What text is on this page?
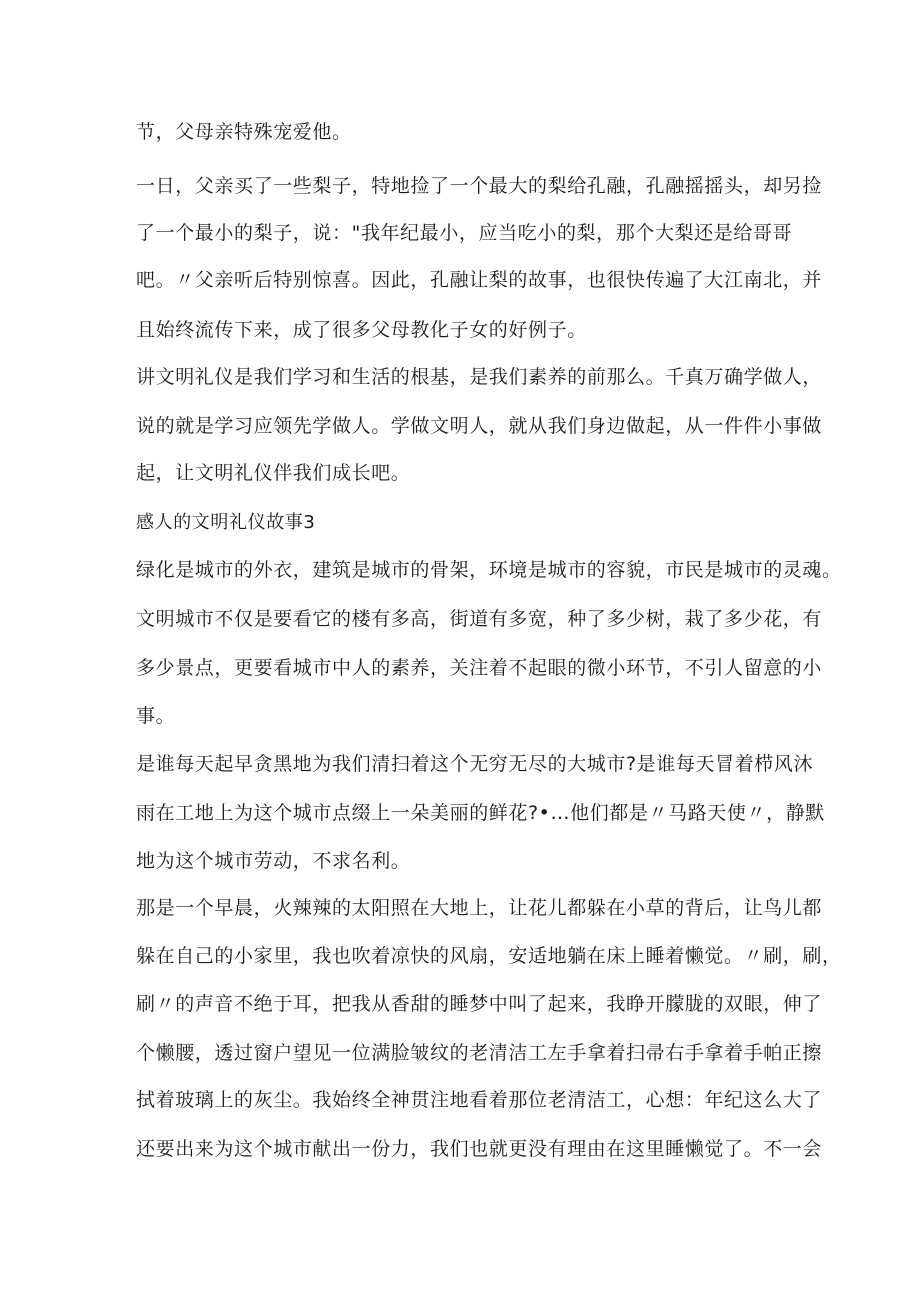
节，父母亲特殊宠爱他。

一日，父亲买了一些梨子，特地捡了一个最大的梨给孔融，孔融摇摇头，却另捡

了一个最小的梨子，说："我年纪最小，应当吃小的梨，那个大梨还是给哥哥

吧。〃父亲听后特别惊喜。因此，孔融让梨的故事，也很快传遍了大江南北，并

且始终流传下来，成了很多父母教化子女的好例子。

讲文明礼仪是我们学习和生活的根基，是我们素养的前那么。千真万确学做人，

说的就是学习应领先学做人。学做文明人，就从我们身边做起，从一件件小事做

起，让文明礼仪伴我们成长吧。

感人的文明礼仪故事3

绿化是城市的外衣，建筑是城市的骨架，环境是城市的容貌，市民是城市的灵魂。

文明城市不仅是要看它的楼有多高，街道有多宽，种了多少树，栽了多少花，有

多少景点，更要看城市中人的素养，关注着不起眼的微小环节，不引人留意的小

事。

是谁每天起早贪黑地为我们清扫着这个无穷无尽的大城市?是谁每天冒着栉风沐

雨在工地上为这个城市点缀上一朵美丽的鲜花?•…他们都是〃马路天使〃，静默

地为这个城市劳动，不求名利。

那是一个早晨，火辣辣的太阳照在大地上，让花儿都躲在小草的背后，让鸟儿都

躲在自己的小家里，我也吹着凉快的风扇，安适地躺在床上睡着懒觉。〃刷，刷，

刷〃的声音不绝于耳，把我从香甜的睡梦中叫了起来，我睁开朦胧的双眼，伸了

个懒腰，透过窗户望见一位满脸皱纹的老清洁工左手拿着扫帚右手拿着手帕正擦

拭着玻璃上的灰尘。我始终全神贯注地看着那位老清洁工，心想：年纪这么大了

还要出来为这个城市献出一份力，我们也就更没有理由在这里睡懒觉了。不一会
